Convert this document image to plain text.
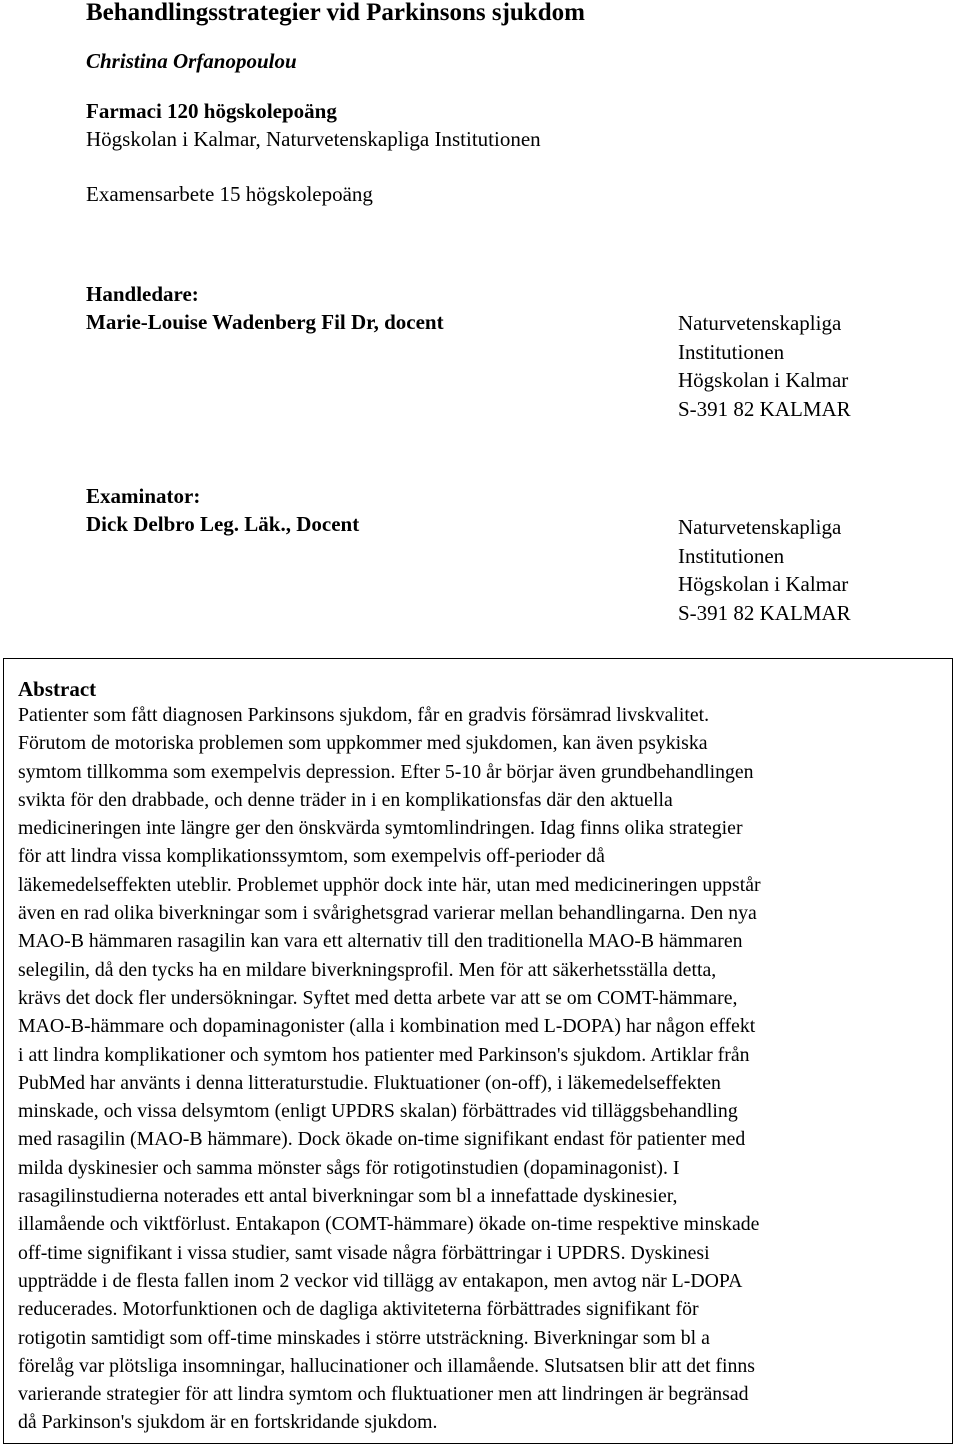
Behandlingsstrategier vid Parkinsons sjukdom
Christina Orfanopoulou
Farmaci 120 högskolepoäng
Högskolan i Kalmar, Naturvetenskapliga Institutionen
Examensarbete 15 högskolepoäng
Handledare:
Marie-Louise Wadenberg Fil Dr, docent	Naturvetenskapliga
Institutionen
Högskolan i Kalmar
S-391 82 KALMAR
Examinator:
Dick Delbro Leg. Läk., Docent	Naturvetenskapliga
Institutionen
Högskolan i Kalmar
S-391 82 KALMAR
Abstract
Patienter som fått diagnosen Parkinsons sjukdom, får en gradvis försämrad livskvalitet.
Förutom de motoriska problemen som uppkommer med sjukdomen, kan även psykiska
symtom tillkomma som exempelvis depression. Efter 5-10 år börjar även grundbehandlingen
svikta för den drabbade, och denne träder in i en komplikationsfas där den aktuella
medicineringen inte längre ger den önskvärda symtomlindringen. Idag finns olika strategier
för att lindra vissa komplikationssymtom, som exempelvis off-perioder då
läkemedelseffekten uteblir. Problemet upphör dock inte här, utan med medicineringen uppstår
även en rad olika biverkningar som i svårighetsgrad varierar mellan behandlingarna. Den nya
MAO-B hämmaren rasagilin kan vara ett alternativ till den traditionella MAO-B hämmaren
selegilin, då den tycks ha en mildare biverkningsprofil. Men för att säkerhetsställa detta,
krävs det dock fler undersökningar. Syftet med detta arbete var att se om COMT-hämmare,
MAO-B-hämmare och dopaminagonister (alla i kombination med L-DOPA) har någon effekt
i att lindra komplikationer och symtom hos patienter med Parkinson's sjukdom. Artiklar från
PubMed har använts i denna litteraturstudie. Fluktuationer (on-off), i läkemedelseffekten
minskade, och vissa delsymtom (enligt UPDRS skalan) förbättrades vid tilläggsbehandling
med rasagilin (MAO-B hämmare). Dock ökade on-time signifikant endast för patienter med
milda dyskinesier och samma mönster sågs för rotigotinstudien (dopaminagonist). I
rasagilinstudierna noterades ett antal biverkningar som bl a innefattade dyskinesier,
illamående och viktförlust. Entakapon (COMT-hämmare) ökade on-time respektive minskade
off-time signifikant i vissa studier, samt visade några förbättringar i UPDRS. Dyskinesi
uppträdde i de flesta fallen inom 2 veckor vid tillägg av entakapon, men avtog när L-DOPA
reducerades. Motorfunktionen och de dagliga aktiviteterna förbättrades signifikant för
rotigotin samtidigt som off-time minskades i större utsträckning. Biverkningar som bl a
förelåg var plötsliga insomningar, hallucinationer och illamående. Slutsatsen blir att det finns
varierande strategier för att lindra symtom och fluktuationer men att lindringen är begränsad
då Parkinson's sjukdom är en fortskridande sjukdom.
